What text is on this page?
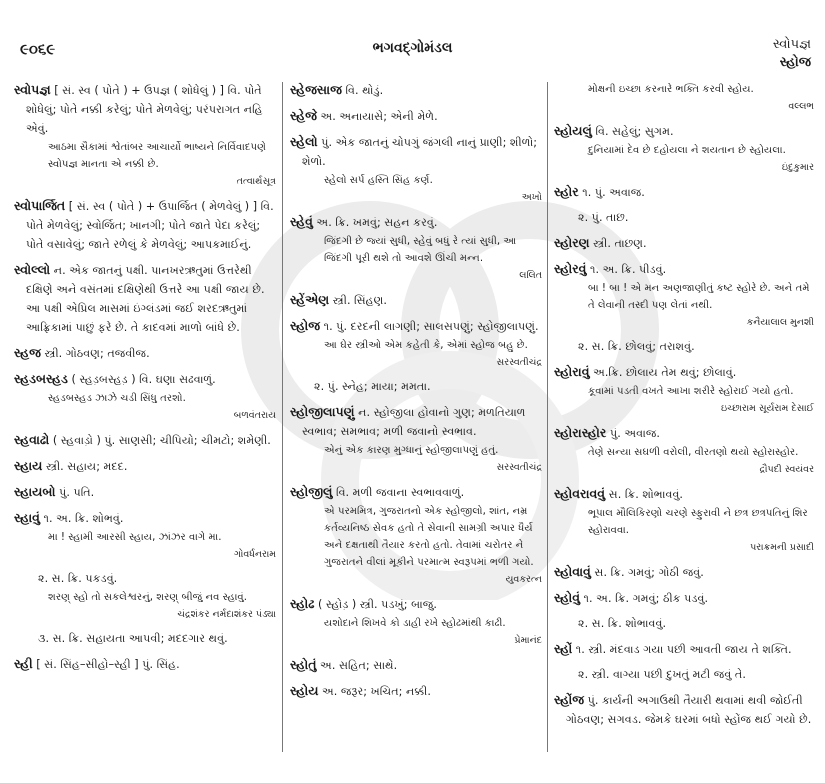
૯૦૬૯	ભગવદ્ગોમંડલ	સ્વોપજ્ઞ
સ્હોજ
સ્વોપજ્ઞ [ સં. સ્વ ( પોતે ) + ઉપજ્ઞ ( શોધેલું ) ] વિ. પોતે શોધેલું; પોતે નક્કી કરેલું; પોતે મેળવેલું; પરંપરાગત નહિ એવું.
આઠમા સૈકામાં શ્વેતાંબર આચાર્યો ભાષ્યને નિર્વિવાદપણે સ્વોપજ્ઞ માનતા એ નક્કી છે.
તત્વાર્થસૂત્ર
સ્વોપાર્જિત [ સં. સ્વ ( પોતે ) + ઉપાર્જિત ( મેળવેલું ) ] વિ. પોતે મેળવેલું; સ્વોર્જિત; ખાનગી; પોતે જાતે પેદા કરેલું; પોતે વસાવેલું; જાતે રળેલું કે મેળવેલું; આપકમાઈનું.
સ્વોલ્લો ન. એક જાતનું પક્ષી. પાનખરઋતુમાં ઉત્તરેથી દક્ષિણે અને વસંતમાં દક્ષિણેથી ઉત્તરે આ પક્ષી જાય છે. આ પક્ષી એપ્રિલ માસમાં ઇંગ્લંડમાં જઈ શરદઋતુમાં આફ્રિકામાં પાછું ફરે છે. તે કાદવમાં માળો બાંધે છે.
સ્હજ સ્ત્રી. ગોઠવણ; તજવીજ.
સ્હડબસ્હડ ( સ્હડ઼બસ્હડ઼ ) વિ. ઘણા સઢવાળું.
સ્હડબસ્હડ ઝાઝે ચડી સિંધુ તરશો.
બળવંતરાય
સ્હવાઢો ( સ્હવાડ઼ો ) પું. સાણસી; ચીપિયો; ચીમટો; શમેણી.
સ્હાય સ્ત્રી. સહાય; મદદ.
સ્હાયબો પું. પતિ.
સ્હાવું ૧. અ. ક્રિ. શોભવું.
મા ! સ્હામી આરસી સ્હાય, ઝાંઝર વાગે મા.
ગોવર્ધનરામ
૨. સ. ક્રિ. પકડવું.
શરણ્ સ્હો તો સકલેશ્વરનું, શરણ્ બીજું નવ સ્હાવું.
ચંદ્રશંકર નર્મદાશંકર પંડ્યા
૩. સ. ક્રિ. સહાયતા આપવી; મદદગાર થવું.
સ્હી [ સં. સિંહ–સીહો–સ્હી ] પું. સિંહ.
સ્હેજસાજ વિ. થોડું.
સ્હેજે અ. અનાયાસે; એની મેળે.
સ્હેલો પું. એક જાતનું ચોપગું જંગલી નાનું પ્રાણી; શીળો; શેળો.
સ્હેલો સર્પ હસ્તિ સિંહ કર્ણ.
અખો
સ્હેવું અ. ક્રિ. ખમવું; સહન કરવું.
જિંદગી છે જ્યાં સુધી, સ્હેવું બધું રે ત્યાં સુધી, આ જિંદગી પૂરી થશે તો આવશે ઊંચી મન્ન.
લલિત
સ્હેંએણ સ્ત્રી. સિંહણ.
સ્હોજ ૧. પું. દરદની લાગણી; સાલસપણું; સ્હોજીલાપણું.
આ ઘેર સ્ત્રીઓ એમ કહેતી કે, એમાં સ્હોજ બહુ છે.
સરસ્વતીચંદ્ર
૨. પું. સ્નેહ; માયા; મમતા.
સ્હોજીલાપણું ન. સ્હોજીલા હોવાનો ગુણ; મળતિયાળ સ્વભાવ; સમભાવ; મળી જવાનો સ્વભાવ.
એનું એક કારણ મુગ્ધાનું સ્હોજીલાપણું હતું.
સરસ્વતીચંદ્ર
સ્હોજીલું વિ. મળી જવાના સ્વભાવવાળું.
એ પરમમિત્ર, ગુજરાતનો એક સ્હોજીલો, શાંત, નમ્ર કર્તવ્યનિષ્ઠ સેવક હતો તે સેવાની સામગ્રી અપાર ધૈર્ય અને દક્ષતાથી તૈયાર કરતો હતો. તેવામાં ચરોતર ને ગુજરાતને વીલાં મૂકીને પરમાત્મ સ્વરૂપમાં ભળી ગયો.
યુવકરત્ન
સ્હોઢ ( સ્હોડ઼ ) સ્ત્રી. પડખું; બાજુ.
યશોદાને શિખવે કો ડાહી રખે સ્હોઢમાંથી કાઢી.
પ્રેમાનંદ
સ્હોતું અ. સહિત; સાથે.
સ્હોય અ. જરૂર; ખચિત; નક્કી.
મોક્ષની ઇચ્છા કરનારે ભક્તિ કરવી સ્હોય.
વલ્લભ
સ્હોયલું વિ. સહેલું; સુગમ.
દુનિયામાં દેવ છે દહોયલા ને શયતાન છે સ્હોયલા.
ઇંદુકુમાર
સ્હોર ૧. પું. અવાજ.
૨. પું. તાછ.
સ્હોરણ સ્ત્રી. તાછણ.
સ્હોરવું ૧. અ. ક્રિ. પીડવું.
બા ! બા ! એ મન અણજાણીતું કષ્ટ સ્હોરે છે. અને તમે તે લેવાની તસ્દી પણ લેતાં નથી.
કનૈયાલાલ મુનશી
૨. સ. ક્રિ. છોલવું; તરાશવું.
સ્હોરાવું અ.ક્રિ. છોલાય તેમ થવું; છોલાવું.
કૂવામાં પડતી વખતે આખા શરીરે સ્હોરાઈ ગયો હતો.
ઇચ્છારામ સૂર્યરામ દેસાઈ
સ્હોરાસ્હોર પું. અવાજ.
તેણે સન્યા સઘળી વરોલી, વીરતણો થયો સ્હોરાસ્હોર.
દ્રૌપદી સ્વયંવર
સ્હોવરાવવું સ. ક્રિ. શોભાવવું.
ભૂપાલ મૌલિકિરણો ચરણે સ્ફુરાવી ને છત્ર છત્રપતિનું શિર સ્હોરાવવા.
પરાક્રમની પ્રસાદી
સ્હોવાવું સ. ક્રિ. ગમવું; ગોઠી જવું.
સ્હોવું ૧. અ. ક્રિ. ગમવું; ઠીક પડવું.
૨. સ. ક્રિ. શોભાવવું.
સ્હોં ૧. સ્ત્રી. મંદવાડ ગયા પછી આવતી જાય તે શક્તિ.
૨. સ્ત્રી. વાગ્યા પછી દુખતું મટી જવું તે.
સ્હોંજ પું. કાર્યની અગાઉથી તૈયારી થવામાં થવી જોઈતી ગોઠવણ; સગવડ. જેમકે ઘરમાં બધો સ્હોંજ થઈ ગયો છે.
